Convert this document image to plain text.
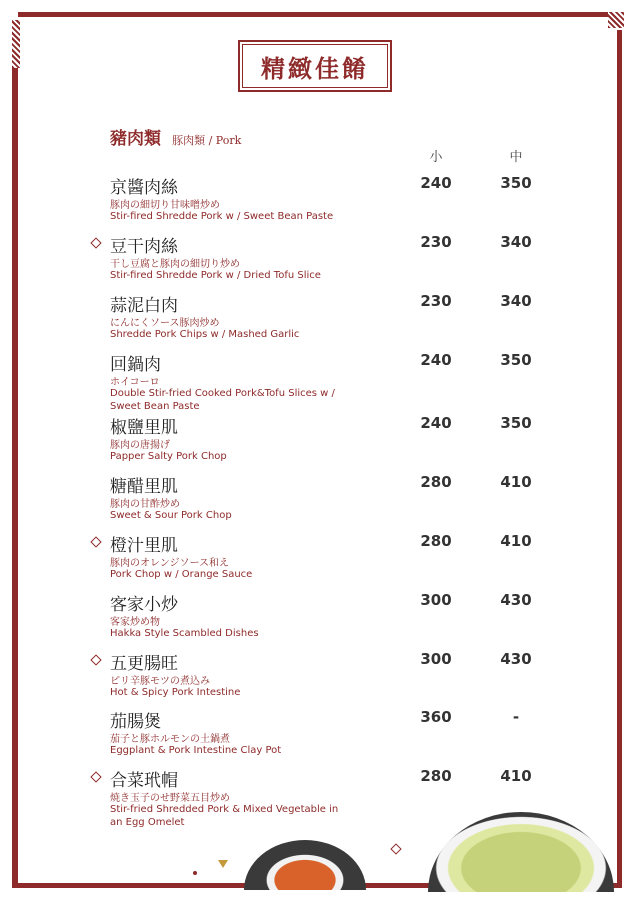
精緻佳餚
豬肉類 豚肉類 / Pork
小	中
京醬肉絲
豚肉の細切り甘味噌炒め
Stir-fired Shredde Pork w / Sweet Bean Paste
240	350
豆干肉絲
干し豆腐と豚肉の細切り炒め
Stir-fired Shredde Pork w / Dried Tofu Slice
230	340
蒜泥白肉
にんにくソース豚肉炒め
Shredde Pork Chips w / Mashed Garlic
230	340
回鍋肉
ホイコーロ
Double Stir-fried Cooked Pork&Tofu Slices w / Sweet Bean Paste
240	350
椒鹽里肌
豚肉の唐揚げ
Papper Salty Pork Chop
240	350
糖醋里肌
豚肉の甘酢炒め
Sweet & Sour Pork Chop
280	410
橙汁里肌
豚肉のオレンジソース和え
Pork Chop w / Orange Sauce
280	410
客家小炒
客家炒め物
Hakka Style Scambled Dishes
300	430
五更腸旺
ピリ辛豚モツの煮込み
Hot & Spicy Pork Intestine
300	430
茄腸煲
茄子と豚ホルモンの土鍋煮
Eggplant & Pork Intestine Clay Pot
360	-
合菜玳帽
焼き玉子のせ野菜五目炒め
Stir-fried Shredded Pork & Mixed Vegetable in an Egg Omelet
280	410
